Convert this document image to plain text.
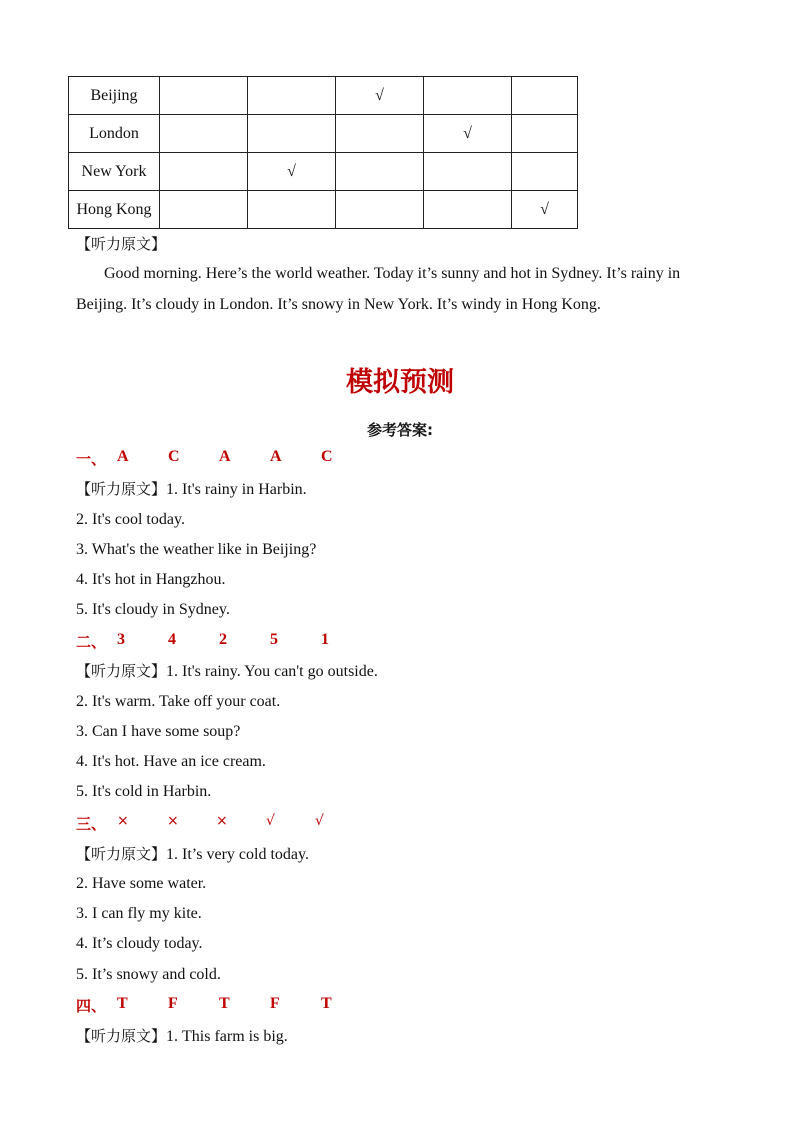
Beijing			√		
London				√	
New York		√			
Hong Kong					√
【听力原文】
Good morning. Here’s the world weather. Today it’s sunny and hot in Sydney. It’s rainy in Beijing. It’s cloudy in London. It’s snowy in New York. It’s windy in Hong Kong.
模拟预测
参考答案:
一、 A C A A C
【听力原文】1. It's rainy in Harbin.
2. It's cool today.
3. What's the weather like in Beijing?
4. It's hot in Hangzhou.
5. It's cloudy in Sydney.
二、 3	4	2	5	1
【听力原文】1. It's rainy. You can't go outside.
2. It's warm. Take off your coat.
3. Can I have some soup?
4. It's hot. Have an ice cream.
5. It's cold in Harbin.
三、 ×	×	×	√	√
【听力原文】1. It’s very cold today.
2. Have some water.
3. I can fly my kite.
4. It’s cloudy today.
5. It’s snowy and cold.
四、 T	F	T	F	T
【听力原文】1. This farm is big.
